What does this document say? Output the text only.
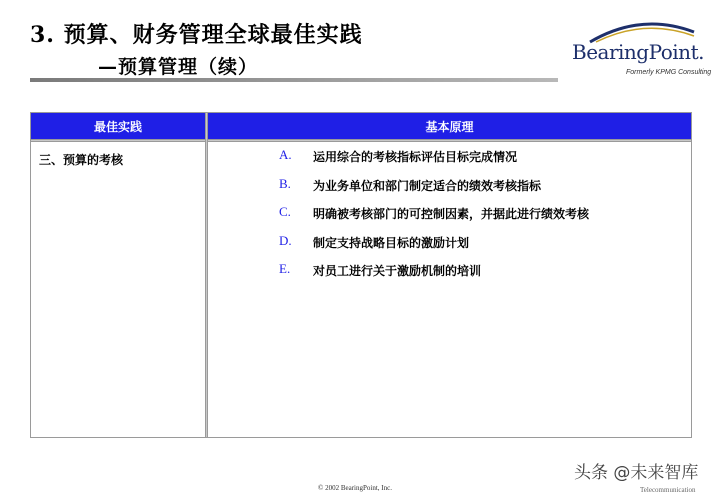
3. 预算、财务管理全球最佳实践
—预算管理（续）
BearingPoint.
Formerly KPMG Consulting
最佳实践	基本原理
三、预算的考核	A.	运用综合的考核指标评估目标完成情况
B.	为业务单位和部门制定适合的绩效考核指标
C.	明确被考核部门的可控制因素，并据此进行绩效考核
D.	制定支持战略目标的激励计划
E.	对员工进行关于激励机制的培训
© 2002 BearingPoint, Inc.
头条 @未来智库
Telecommunication
